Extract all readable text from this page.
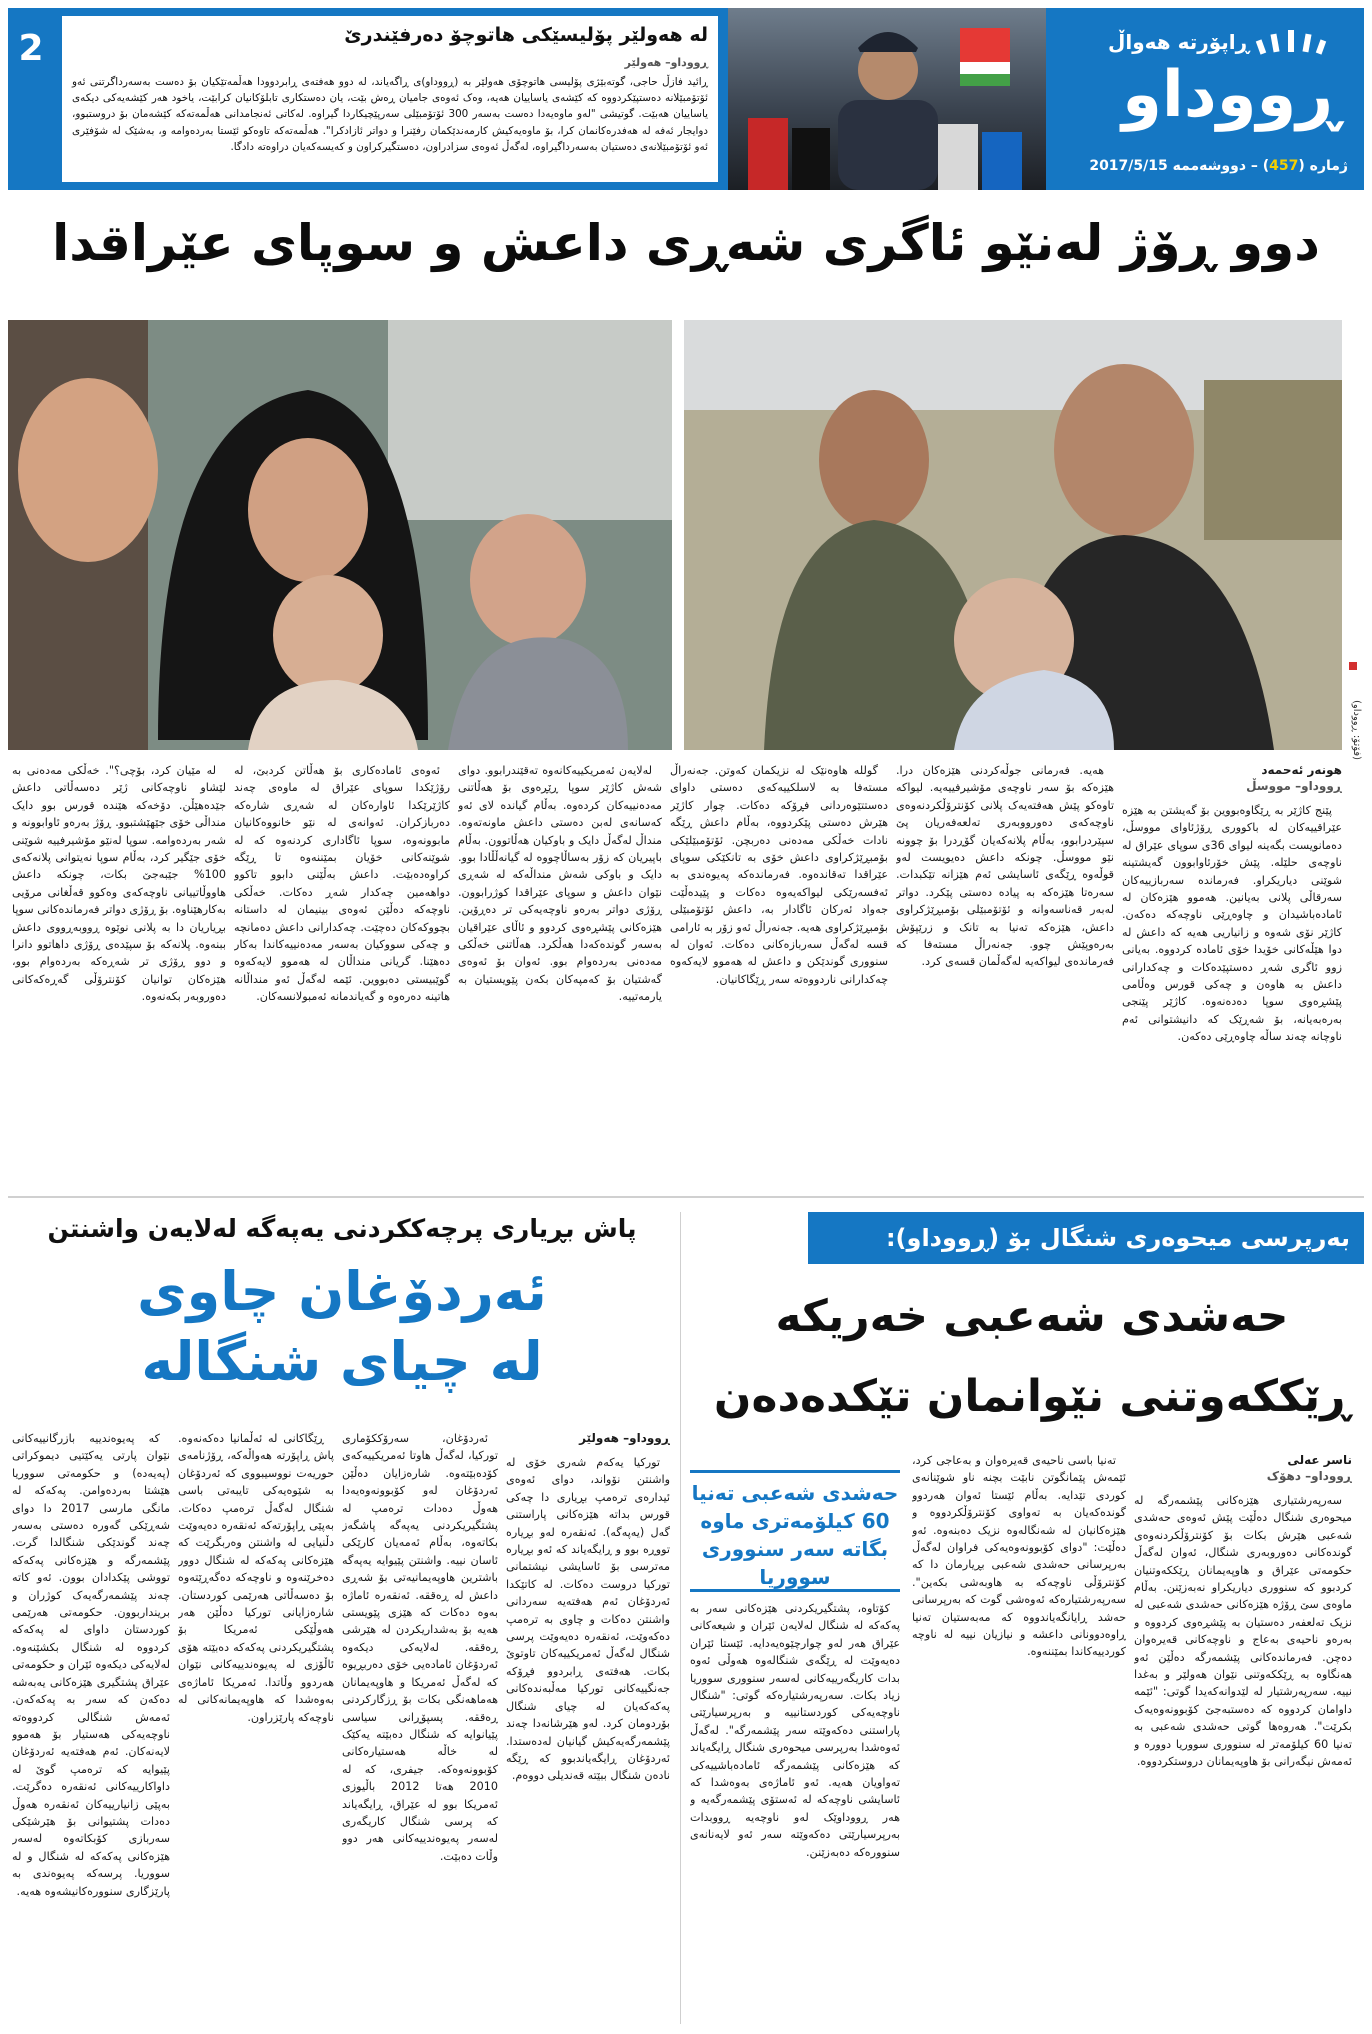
ڕووداو
ڕاپۆرتە هەواڵ
ژمارە (457) – دووشەممە 2017/5/15
لە هەولێر پۆلیسێکی هاتوچۆ دەرفێندرێ
ڕووداو– هەولێر
ڕائید فازڵ حاجی، گوتەبێژی پۆلیسی هاتوچۆی هەولێر بە (ڕووداو)ی ڕاگەیاند، لە دوو هەفتەی ڕابردوودا هەڵمەتێکیان بۆ دەست بەسەرداگرتنی ئەو ئۆتۆمبێلانە دەستپێکردووە کە کێشەی یاساییان هەیە، وەک ئەوەی جامیان ڕەش بێت، یان دەستکاری تابلۆکانیان کرابێت، یاخود هەر کێشەیەکی دیکەی یاساییان هەبێت. گوتیشی "لەو ماوەیەدا دەست بەسەر 300 ئۆتۆمبێلی سەرپێچیکاردا گیراوە. لەکاتی ئەنجامدانی هەڵمەتەکە کێشەمان بۆ دروستبوو، دوایجار ئەفە لە هەفدرەکانمان کرا، بۆ ماوەیەکیش کارمەندێکمان رفێنرا و دواتر ئازادکرا". هەڵمەتەکە تاوەکو ئێستا بەردەوامە و، بەشێک لە شۆفێری ئەو ئۆتۆمبێلانەی دەستیان بەسەرداگیراوە، لەگەڵ ئەوەی سزادراون، دەستگیرکراون و کەیسەکەیان دراوەتە دادگا.
2
دوو ڕۆژ لەنێو ئاگری شەڕی داعش و سوپای عێراقدا
(فۆتۆ: ڕووداو)
هونەر ئەحمەد
ڕووداو– مووسڵ

پێنج کاژێر بە ڕێگاوەبووین بۆ گەیشتن بە هێزە عێراقییەکان لە باکووری ڕۆژئاوای مووسڵ، دەمانویست بگەینە لیوای 36ی سوپای عێراق لە ناوچەی حلێلە. پێش خۆرئاوابوون گەیشتینە شوێنی دیاریکراو. فەرماندە سەربازییەکان سەرقاڵی پلانی بەیانین. هەموو هێزەکان لە ئامادەباشیدان و چاوەڕێی ناوچەکە دەکەن. کاژێر نۆی شەوە و زانیاریی هەیە کە داعش لە دوا هێڵەکانی خۆیدا خۆی ئامادە کردووە. بەیانی زوو ئاگری شەڕ دەستپێدەکات و چەکدارانی داعش بە هاوەن و چەکی قورس وەڵامی پێشڕەوی سوپا دەدەنەوە. کاژێر پێنجی بەرەبەیانە، بۆ شەڕێک کە دانیشتوانی ئەم ناوچانە چەند ساڵە چاوەڕێی دەکەن.

هەیە. فەرمانی جوڵەکردنی هێزەکان درا. هێزەکە بۆ سەر ناوچەی مۆشیرفییەیە. لیواکە تاوەکو پێش هەفتەیەک پلانی کۆنترۆڵکردنەوەی ناوچەکەی دەورووبەری تەلعەفەریان پێ سپێردرابوو، بەڵام پلانەکەیان گۆڕدرا بۆ چوونە نێو مووسڵ. چونکە داعش دەیویست لەو قوڵەوە ڕێگەی ئاسایشی ئەم هێزانە تێکبدات. سەرەتا هێزەکە بە پیادە دەستی پێکرد. دواتر لەبەر قەناسەوانە و ئۆتۆمبێلی بۆمبڕێژکراوی داعش، هێزەکە تەنیا بە تانک و زرێپۆش بەرەوپێش چوو. جەنەراڵ مستەفا کە فەرماندەی لیواکەیە لەگەڵمان قسەی کرد.

گوللە هاوەنێک لە نزیکمان کەوتن. جەنەراڵ مستەفا بە لاسلکییەکەی دەستی داوای دەستتێوەردانی فڕۆکە دەکات. چوار کاژێر هێرش دەستی پێکردووە، بەڵام داعش ڕێگە نادات خەڵکی مەدەنی دەربچن. ئۆتۆمبێلێکی بۆمبڕێژکراوی داعش خۆی بە تانکێکی سوپای عێراقدا تەقاندەوە. فەرماندەکە پەیوەندی بە ئەفسەرێکی لیواکەیەوە دەکات و پێیدەڵێت جەواد ئەرکان ئاگادار بە، داعش ئۆتۆمبێلی بۆمبڕێژکراوی هەیە. جەنەراڵ ئەو زۆر بە ئارامی قسە لەگەڵ سەربازەکانی دەکات. ئەوان لە سنووری گوندێکن و داعش لە هەموو لایەکەوە چەکدارانی ناردووەتە سەر ڕێگاکانیان.

لەلایەن ئەمریکییەکانەوە تەقێندرابوو. دوای شەش کاژێر سوپا ڕێڕەوی بۆ هەڵاتنی مەدەنییەکان کردەوە. بەڵام گیاندە لای ئەو کەسانەی لەبن دەستی داعش ماونەتەوە. منداڵ لەگەڵ دایک و باوکیان هەڵاتوون. بەڵام باپیریان کە زۆر بەساڵاچووە لە گیانەڵڵادا بوو. دایک و باوکی شەش منداڵەکە لە شەڕی نێوان داعش و سوپای عێراقدا کوژرابوون. ڕۆژی دواتر بەرەو ناوچەیەکی تر دەڕۆین. هێزەکانی پێشڕەوی کردوو و ئاڵای عێراقیان بەسەر گوندەکەدا هەڵکرد. هەڵاتنی خەڵکی مەدەنی بەردەوام بوو. ئەوان بۆ ئەوەی گەشتیان بۆ کەمپەکان بکەن پێویستیان بە یارمەتییە.

ئەوەی ئامادەکاری بۆ هەڵاتن کردبێ، لە رۆژێکدا سوپای عێراق لە ماوەی چەند کاژێرێکدا ئاوارەکان لە شەڕی شارەکە دەربازکران. ئەوانەی لە نێو خانووەکانیان مابوونەوە، سوپا ئاگاداری کردنەوە کە لە شوێنەکانی خۆیان بمێننەوە تا ڕێگە کراوەدەبێت. داعش بەڵێنی دابوو تاکوو دواهەمین چەکدار شەڕ دەکات. خەڵکی ناوچەکە دەڵێن ئەوەی بینیمان لە داستانە بچووکەکان دەچێت. چەکدارانی داعش دەمانچە و چەکی سووکیان بەسەر مەدەنییەکاندا بەکار دەهێنا. گریانی منداڵان لە هەموو لایەکەوە گوێبیستی دەبووین. ئێمە لەگەڵ ئەو منداڵانە هاتینە دەرەوە و گەیاندمانە ئەمبولانسەکان.

لە مێیان کرد، بۆچی؟". خەڵکی مەدەنی بە لێشاو ناوچەکانی ژێر دەسەڵاتی داعش جێدەهێڵن. دۆخەکە هێندە قورس بوو دایک منداڵی خۆی جێهێشتبوو. ڕۆژ بەرەو ئاوابوونە و شەر بەردەوامە. سوپا لەنێو مۆشیرفییە شوێنی خۆی جێگیر کرد، بەڵام سوپا نەیتوانی پلانەکەی 100% جێبەجێ بکات، چونکە داعش هاووڵاتییانی ناوچەکەی وەکوو قەڵغانی مرۆیی بەکارهێناوە. بۆ ڕۆژی دواتر فەرماندەکانی سوپا بڕیاریان دا بە پلانی نوێوە ڕووبەڕووی داعش ببنەوە. پلانەکە بۆ سپێدەی ڕۆژی داهاتوو دانرا و دوو ڕۆژی تر شەڕەکە بەردەوام بوو، هێزەکان توانیان کۆنترۆڵی گەڕەکەکانی دەوروبەر بکەنەوە.

بەرپرسی میحوەری شنگال بۆ (ڕووداو):
حەشدی شەعبی خەریکە
ڕێککەوتنی نێوانمان تێکدەدەن
ناسر عەلی
ڕووداو– دهۆک

سەرپەرشتیاری هێزەکانی پێشمەرگە لە میحوەری شنگال دەڵێت پێش ئەوەی حەشدی شەعبی هێرش بکات بۆ کۆنترۆڵکردنەوەی گوندەکانی دەوروبەری شنگال، ئەوان لەگەڵ حکومەتی عێراق و هاوپەیمانان ڕێککەوتنیان کردبوو کە سنووری دیاریکراو نەبەزێنن. بەڵام ماوەی سێ ڕۆژە هێزەکانی حەشدی شەعبی لە نزیک تەلعفەر دەستیان بە پێشڕەوی کردووە و بەرەو ناحیەی بەعاج و ناوچەکانی قەیرەوان دەچن. فەرماندەکانی پێشمەرگە دەڵێن ئەو هەنگاوە بە ڕێککەوتنی نێوان هەولێر و بەغدا نییە. سەرپەرشتیار لە لێدوانەکەیدا گوتی: "ئێمە داوامان کردووە کە دەستبەجێ کۆبوونەوەیەک بکرێت". هەروەها گوتی حەشدی شەعبی بە تەنیا 60 کیلۆمەتر لە سنووری سووریا دوورە و ئەمەش نیگەرانی بۆ هاوپەیمانان دروستکردووە.

تەنیا باسی ناحیەی قەیرەوان و بەعاجی کرد، ئێمەش پێمانگوتن نابێت بچنە ناو شوێنانەی کوردی تێدایە. بەڵام ئێستا ئەوان هەردوو گوندەکەیان بە تەواوی کۆنترۆڵکردووە و هێزەکانیان لە شەنگالەوە نزیک دەبنەوە. ئەو دەڵێت: "دوای کۆبوونەوەیەکی فراوان لەگەڵ بەرپرسانی حەشدی شەعبی بڕیارمان دا کە کۆنترۆڵی ناوچەکە بە هاوبەشی بکەین". سەرپەرشتیارەکە ئەوەشی گوت کە بەرپرسانی حەشد ڕایانگەیاندووە کە مەبەستیان تەنیا ڕاوەدوونانی داعشە و نیازیان نییە لە ناوچە کوردییەکاندا بمێننەوە.

حەشدی شەعبی تەنیا 60 کیلۆمەتری ماوە بگاتە سەر سنووری سووریا

کۆتاوە، پشتگیریکردنی هێزەکانی سەر بە پەکەکە لە شنگال لەلایەن ئێران و شیعەکانی عێراق هەر لەو چوارچێوەیەدایە. ئێستا ئێران دەیەوێت لە ڕێگەی شنگالەوە هەوڵی ئەوە بدات کاریگەرییەکانی لەسەر سنووری سووریا زیاد بکات. سەرپەرشتیارەکە گوتی: "شنگال ناوچەیەکی کوردستانییە و بەرپرسیارێتی پاراستنی دەکەوێتە سەر پێشمەرگە". لەگەڵ ئەوەشدا بەرپرسی میحوەری شنگال ڕایگەیاند کە هێزەکانی پێشمەرگە ئامادەباشییەکی تەواویان هەیە. ئەو ئاماژەی بەوەشدا کە ئاسایشی ناوچەکە لە ئەستۆی پێشمەرگەیە و هەر ڕووداوێک لەو ناوچەیە ڕووبدات بەرپرسیارێتی دەکەوێتە سەر ئەو لایەنانەی سنوورەکە دەبەزێنن.

پاش بڕیاری پرچەککردنی یەپەگە لەلایەن واشنتن
ئەردۆغان چاوی
لە چیای شنگالە
ڕووداو– هەولێر

تورکیا یەکەم شەری خۆی لە واشنتن نۆواند، دوای ئەوەی ئیدارەی ترەمپ بڕیاری دا چەکی قورس بداتە هێزەکانی پاراستنی گەل (یەپەگە). ئەنقەرە لەو بڕیارە تووڕە بوو و ڕایگەیاند کە ئەو بڕیارە مەترسی بۆ ئاسایشی نیشتمانی تورکیا دروست دەکات. لە کاتێکدا ئەردۆغان ئەم هەفتەیە سەردانی واشنتن دەکات و چاوی بە ترەمپ دەکەوێت، ئەنقەرە دەیەوێت پرسی شنگال لەگەڵ ئەمریکییەکان تاوتوێ بکات. هەفتەی ڕابردوو فڕۆکە جەنگییەکانی تورکیا مەڵبەندەکانی پەکەکەیان لە چیای شنگال بۆردومان کرد. لەو هێرشانەدا چەند پێشمەرگەیەکیش گیانیان لەدەستدا. ئەردۆغان ڕایگەیاندبوو کە ڕێگە نادەن شنگال ببێتە قەندیلی دووەم.

ئەردۆغان، سەرۆککۆماری تورکیا، لەگەڵ هاوتا ئەمریکییەکەی کۆدەبێتەوە. شارەزایان دەڵێن ئەردۆغان لەو کۆبوونەوەیەدا هەوڵ دەدات ترەمپ لە پشتگیریکردنی یەپەگە پاشگەز بکاتەوە، بەڵام ئەمەیان کارێکی ئاسان نییە. واشنتن پێیوایە یەپەگە باشترین هاوپەیمانیەتی بۆ شەڕی داعش لە ڕەققە. ئەنقەرە ئاماژە بەوە دەکات کە هێزی پێویستی هەیە بۆ بەشداریکردن لە هێرشی ڕەققە. لەلایەکی دیکەوە ئەردۆغان ئامادەیی خۆی دەربڕیوە کە لەگەڵ ئەمریکا و هاوپەیمانان هەماهەنگی بکات بۆ ڕزگارکردنی ڕەققە. پسپۆڕانی سیاسی پێیانوایە کە شنگال دەبێتە یەکێک لە خاڵە هەستیارەکانی کۆبوونەوەکە. جیفری، کە لە 2010 هەتا 2012 باڵیوزی ئەمریکا بوو لە عێراق، ڕایگەیاند کە پرسی شنگال کاریگەری لەسەر پەیوەندییەکانی هەر دوو وڵات دەبێت.

ڕێگاکانی لە ئەڵمانیا دەکەنەوە. پاش ڕاپۆرتە هەواڵەکە، ڕۆژنامەی حوریەت نووسیبووی کە ئەردۆغان بە شێوەیەکی تایبەتی باسی شنگال لەگەڵ ترەمپ دەکات. بەپێی ڕاپۆرتەکە ئەنقەرە دەیەوێت دڵنیایی لە واشنتن وەربگرێت کە هێزەکانی پەکەکە لە شنگال دوور دەخرێنەوە و ناوچەکە دەگەڕێتەوە بۆ دەسەڵاتی هەرێمی کوردستان. شارەزایانی تورکیا دەڵێن هەر هەوڵێکی ئەمریکا بۆ پشتگیریکردنی پەکەکە دەبێتە هۆی ئاڵۆزی لە پەیوەندییەکانی نێوان هەردوو وڵاتدا. ئەمریکا ئاماژەی بەوەشدا کە هاوپەیمانەکانی لە ناوچەکە پارێزراون.

کە پەیوەندییە بازرگانییەکانی نێوان پارتی یەکێتیی دیموکراتی (پەیەدە) و حکومەتی سووریا هێشتا بەردەوامن. پەکەکە لە مانگی مارسی 2017 دا دوای شەڕێکی گەورە دەستی بەسەر چەند گوندێکی شنگالدا گرت. پێشمەرگە و هێزەکانی پەکەکە تووشی پێکدادان بوون. ئەو کاتە چەند پێشمەرگەیەک کوژران و برینداربوون. حکومەتی هەرێمی کوردستان داوای لە پەکەکە کردووە لە شنگال بکشێنەوە. لەلایەکی دیکەوە ئێران و حکومەتی عێراق پشتگیری هێزەکانی یەبەشە دەکەن کە سەر بە پەکەکەن. ئەمەش شنگالی کردووەتە ناوچەیەکی هەستیار بۆ هەموو لایەنەکان. ئەم هەفتەیە ئەردۆغان پێیوایە کە ترەمپ گوێ لە داواکارییەکانی ئەنقەرە دەگرێت. بەپێی زانیارییەکان ئەنقەرە هەوڵ دەدات پشتیوانی بۆ هێرشێکی سەربازی کۆبکاتەوە لەسەر هێزەکانی پەکەکە لە شنگال و لە سووریا. پرسەکە پەیوەندی بە پارێزگاری سنوورەکانیشەوە هەیە.
